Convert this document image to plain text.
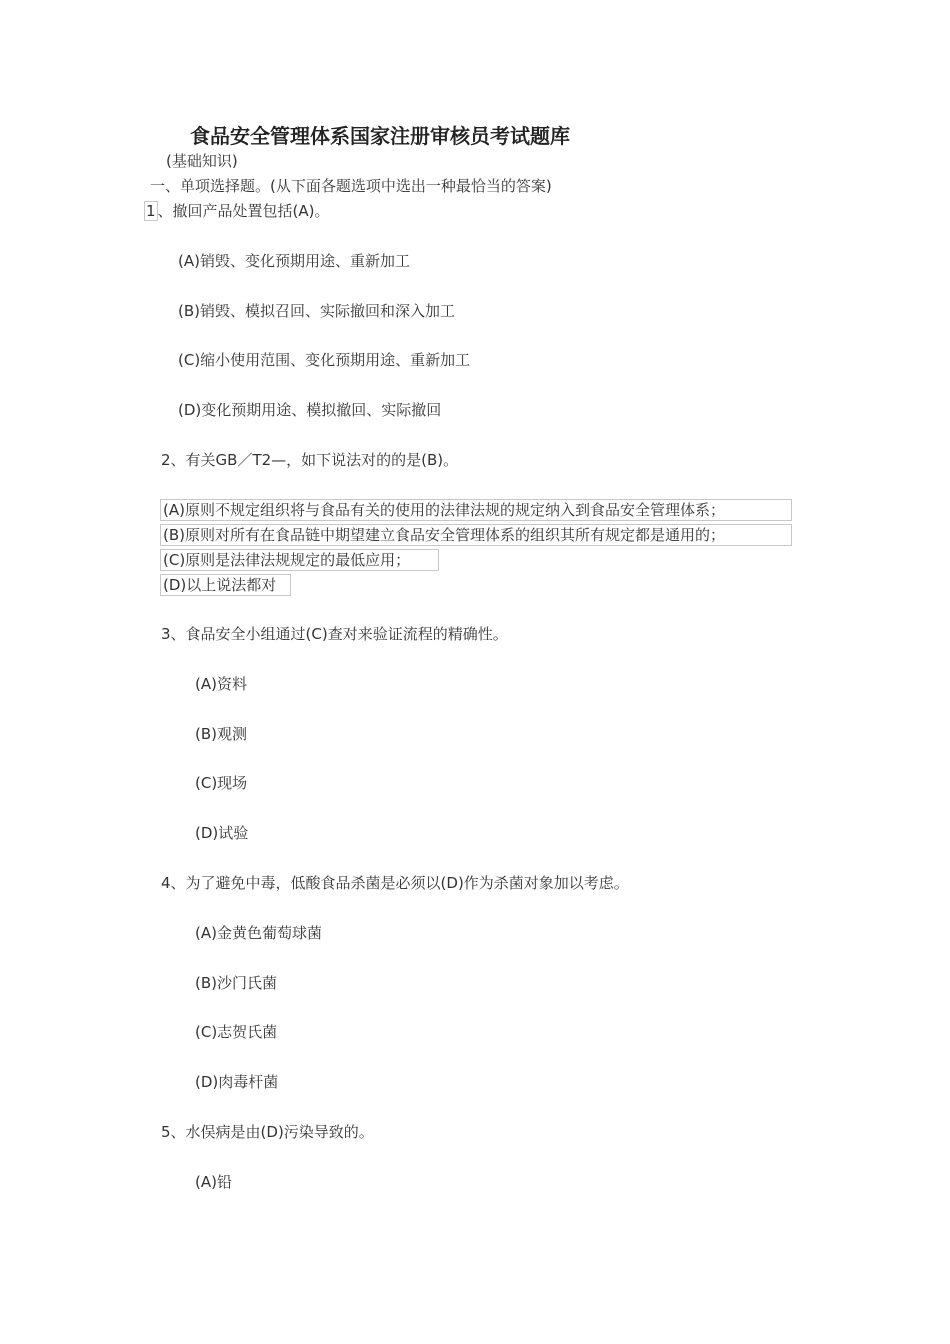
食品安全管理体系国家注册审核员考试题库
(基础知识)
一、单项选择题。(从下面各题选项中选出一种最恰当的答案)
1 、撤回产品处置包括(A)。
(A)销毁、变化预期用途、重新加工
(B)销毁、模拟召回、实际撤回和深入加工
(C)缩小使用范围、变化预期用途、重新加工
(D)变化预期用途、模拟撤回、实际撤回
2、有关GB／T2—，如下说法对的的是(B)。
(A)原则不规定组织将与食品有关的使用的法律法规的规定纳入到食品安全管理体系；
(B)原则对所有在食品链中期望建立食品安全管理体系的组织其所有规定都是通用的；
(C)原则是法律法规规定的最低应用；
(D)以上说法都对
3、食品安全小组通过(C)查对来验证流程的精确性。
(A)资料
(B)观测
(C)现场
(D)试验
4、为了避免中毒，低酸食品杀菌是必须以(D)作为杀菌对象加以考虑。
(A)金黄色葡萄球菌
(B)沙门氏菌
(C)志贺氏菌
(D)肉毒杆菌
5、水俣病是由(D)污染导致的。
(A)铅
